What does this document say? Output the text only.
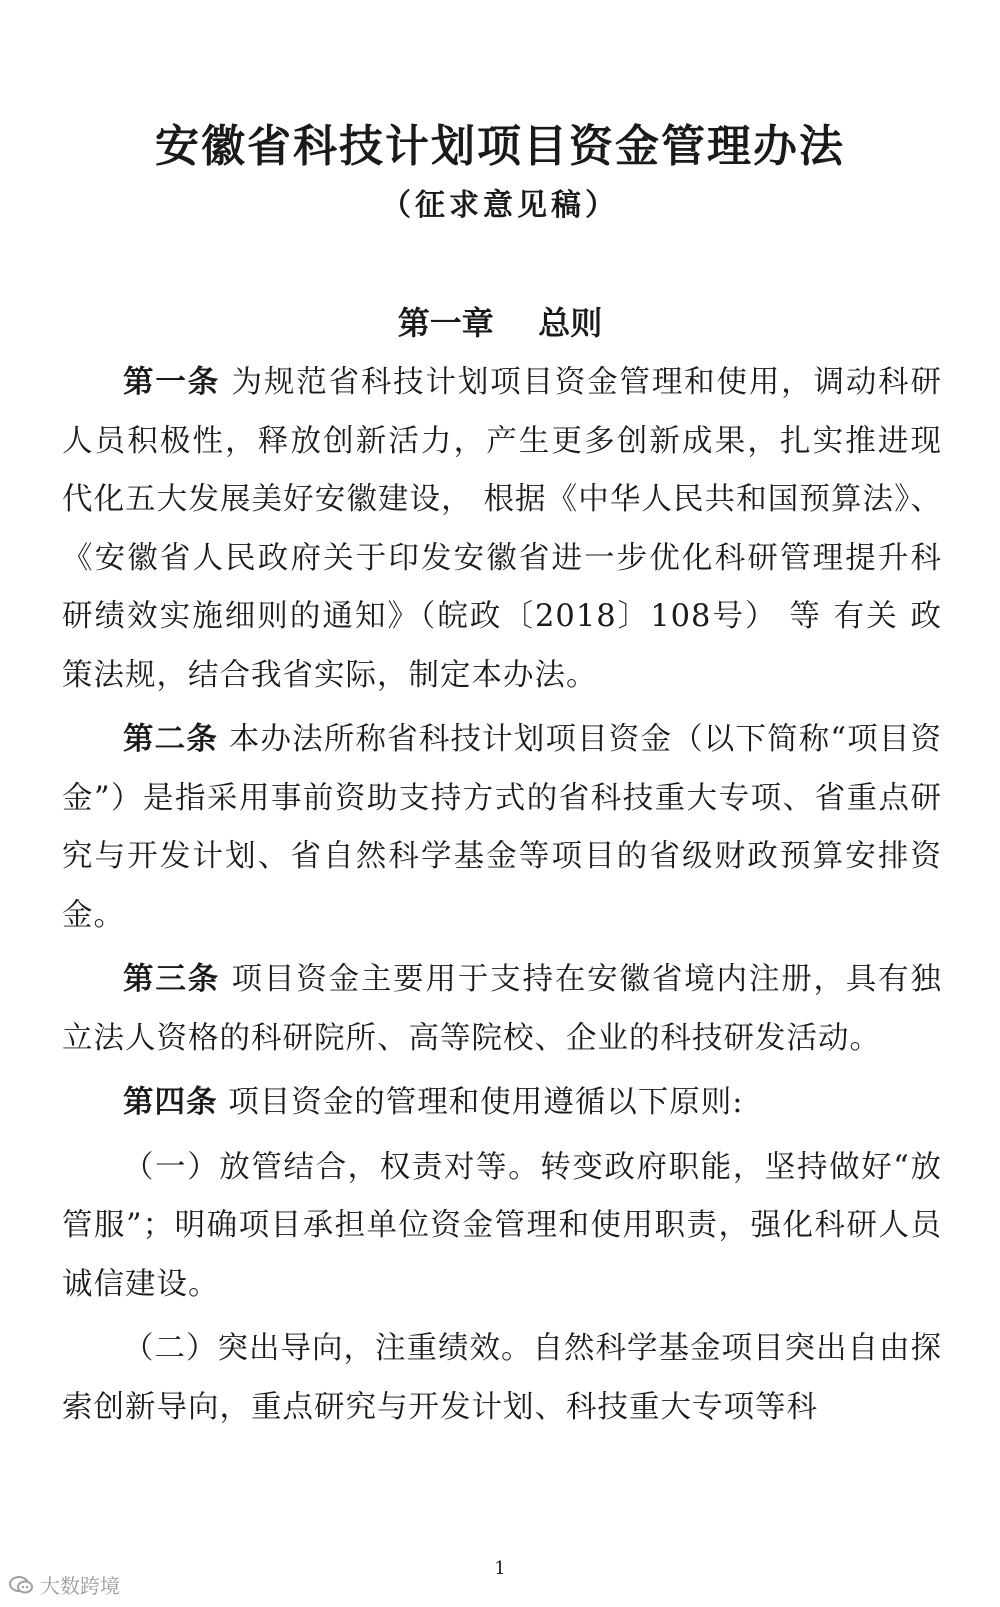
安徽省科技计划项目资金管理办法
（征求意见稿）
第一章    总则

第一条 为规范省科技计划项目资金管理和使用，调动科研人员积极性，释放创新活力，产生更多创新成果，扎实推进现代化五大发展美好安徽建设， 根据《中华人民共和国预算法》、《安徽省人民政府关于印发安徽省进一步优化科研管理提升科研绩效实施细则的通知》（皖政〔2018〕108号） 等 有关 政策法规，结合我省实际，制定本办法。

第二条 本办法所称省科技计划项目资金（以下简称“项目资金”）是指采用事前资助支持方式的省科技重大专项、省重点研究与开发计划、省自然科学基金等项目的省级财政预算安排资金。

第三条 项目资金主要用于支持在安徽省境内注册，具有独立法人资格的科研院所、高等院校、企业的科技研发活动。

第四条 项目资金的管理和使用遵循以下原则:

（一）放管结合，权责对等。转变政府职能，坚持做好“放管服”；明确项目承担单位资金管理和使用职责，强化科研人员诚信建设。

（二）突出导向，注重绩效。自然科学基金项目突出自由探索创新导向，重点研究与开发计划、科技重大专项等科

1
大数跨境
